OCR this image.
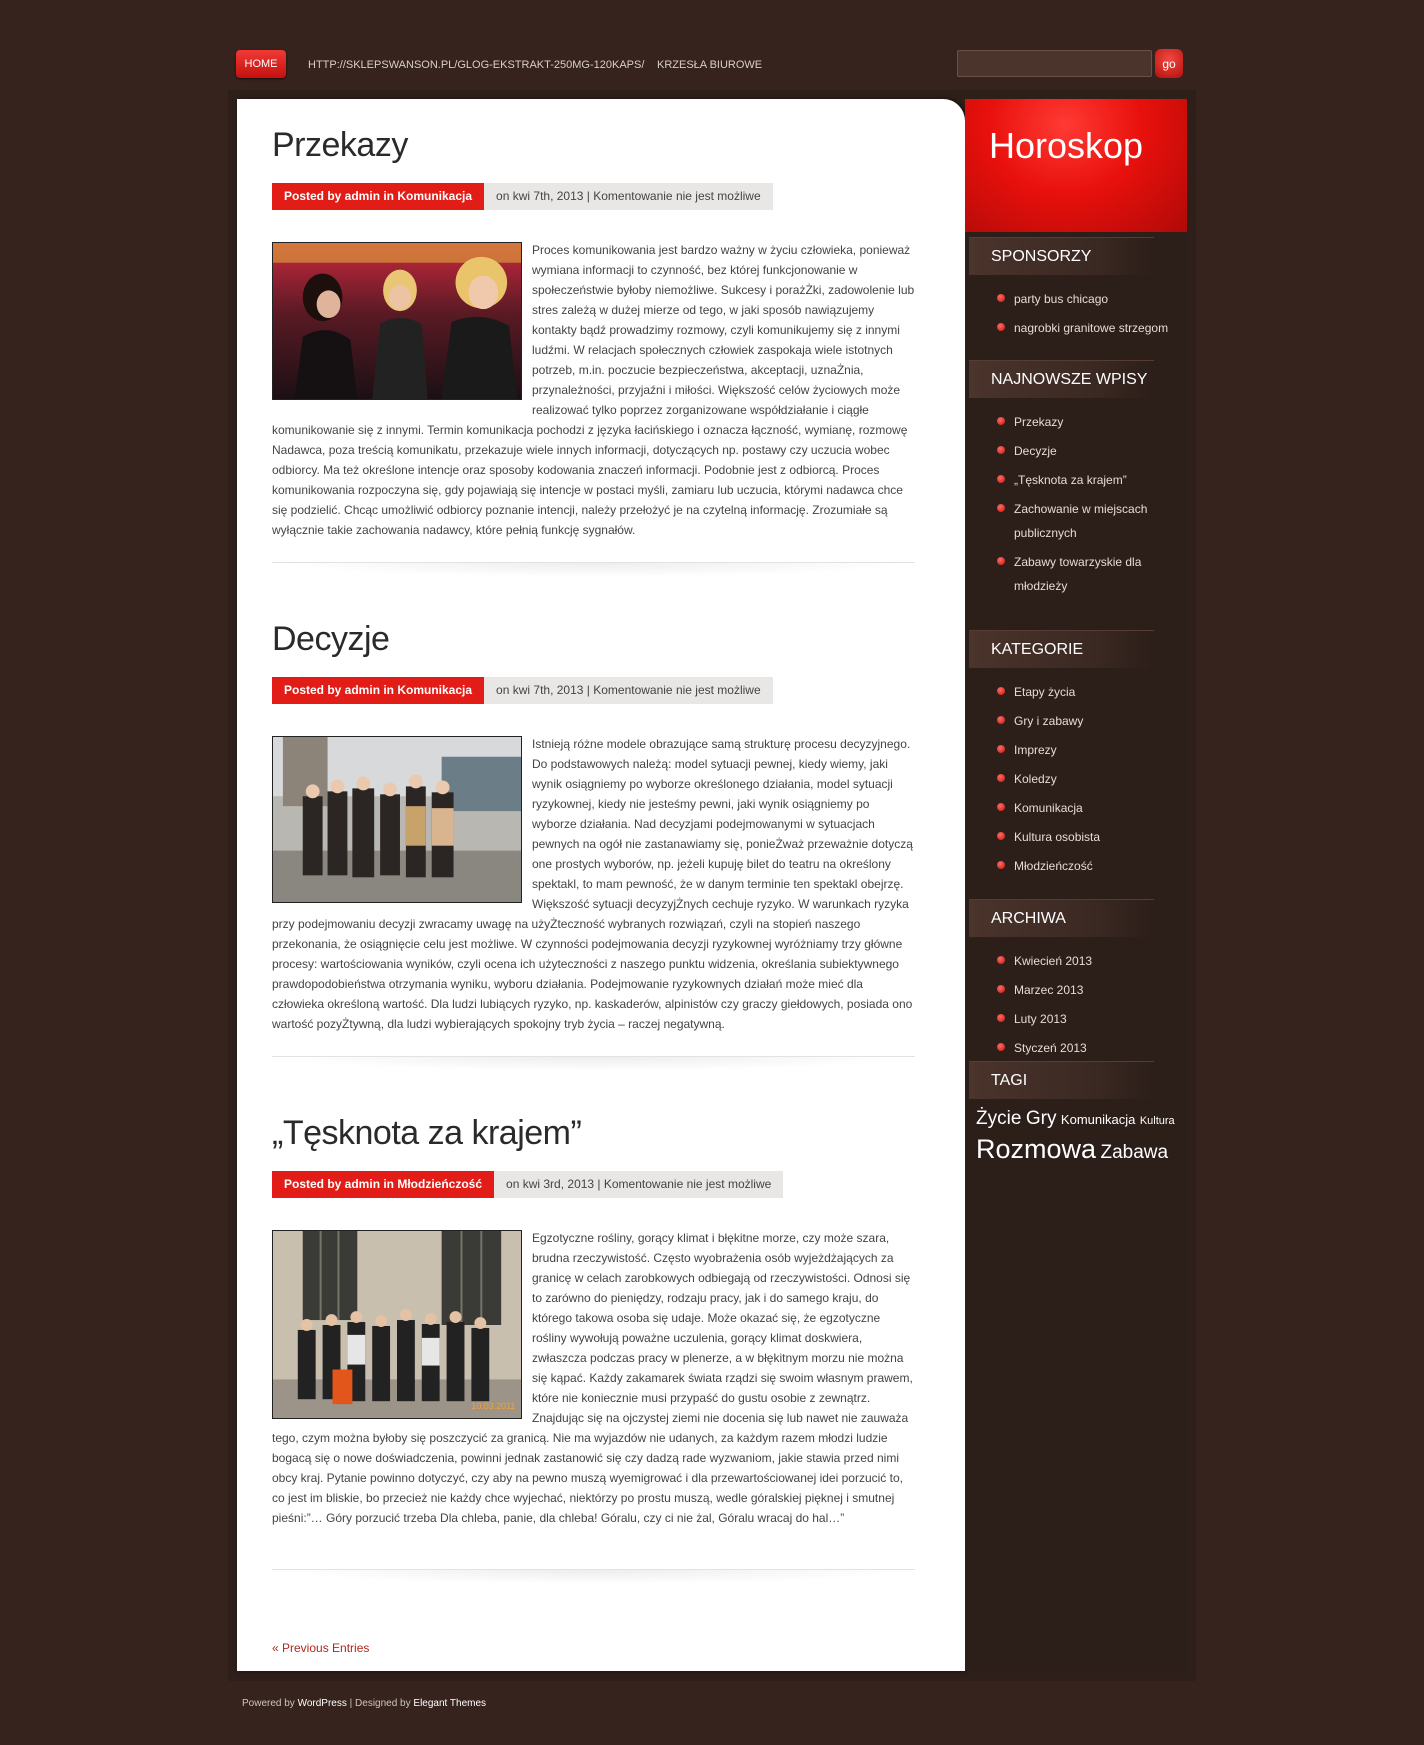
HOME	HTTP://SKLEPSWANSON.PL/GLOG-EKSTRAKT-250MG-120KAPS/ KRZESŁA BIUROWE	go
Przekazy
Posted by admin in Komunikacja on kwi 7th, 2013 | Komentowanie nie jest możliwe

Proces komunikowania jest bardzo ważny w życiu człowieka, ponieważ wymiana informacji to czynność, bez której funkcjonowanie w społeczeństwie byłoby niemożliwe. Sukcesy i porażŻki, zadowolenie lub stres zależą w dużej mierze od tego, w jaki sposób nawiązujemy kontakty bądź prowadzimy rozmowy, czyli komunikujemy się z innymi ludźmi. W relacjach społecznych człowiek zaspokaja wiele istotnych potrzeb, m.in. poczucie bezpieczeństwa, akceptacji, uznaŻnia, przynależności, przyjaźni i miłości. Większość celów życiowych może realizować tylko poprzez zorganizowane współdziałanie i ciągłe komunikowanie się z innymi. Termin komunikacja pochodzi z języka łacińskiego i oznacza łączność, wymianę, rozmowę Nadawca, poza treścią komunikatu, przekazuje wiele innych informacji, dotyczących np. postawy czy uczucia wobec odbiorcy. Ma też określone intencje oraz sposoby kodowania znaczeń informacji. Podobnie jest z odbiorcą. Proces komunikowania rozpoczyna się, gdy pojawiają się intencje w postaci myśli, zamiaru lub uczucia, którymi nadawca chce się podzielić. Chcąc umożliwić odbiorcy poznanie intencji, należy przełożyć je na czytelną informację. Zrozumiałe są wyłącznie takie zachowania nadawcy, które pełnią funkcję sygnałów.

Decyzje
Posted by admin in Komunikacja on kwi 7th, 2013 | Komentowanie nie jest możliwe

Istnieją różne modele obrazujące samą strukturę procesu decyzyjnego. Do podstawowych należą: model sytuacji pewnej, kiedy wiemy, jaki wynik osiągniemy po wyborze określonego działania, model sytuacji ryzykownej, kiedy nie jesteśmy pewni, jaki wynik osiągniemy po wyborze działania. Nad decyzjami podejmowanymi w sytuacjach pewnych na ogół nie zastanawiamy się, ponieŻważ przeważnie dotyczą one prostych wyborów, np. jeżeli kupuję bilet do teatru na określony spektakl, to mam pewność, że w danym terminie ten spektakl obejrzę. Większość sytuacji decyzyjŻnych cechuje ryzyko. W warunkach ryzyka przy podejmowaniu decyzji zwracamy uwagę na użyŻteczność wybranych rozwiązań, czyli na stopień naszego przekonania, że osiągnięcie celu jest możliwe. W czynności podejmowania decyzji ryzykownej wyróżniamy trzy główne procesy: wartościowania wyników, czyli ocena ich użyteczności z naszego punktu widzenia, określania subiektywnego prawdopodobieństwa otrzymania wyniku, wyboru działania. Podejmowanie ryzykownych działań może mieć dla człowieka określoną wartość. Dla ludzi lubiących ryzyko, np. kaskaderów, alpinistów czy graczy giełdowych, posiada ono wartość pozyŻtywną, dla ludzi wybierających spokojny tryb życia – raczej negatywną.

„Tęsknota za krajem”
Posted by admin in Młodzieńczość on kwi 3rd, 2013 | Komentowanie nie jest możliwe
10.03.2011

Egzotyczne rośliny, gorący klimat i błękitne morze, czy może szara, brudna rzeczywistość. Często wyobrażenia osób wyjeżdżających za granicę w celach zarobkowych odbiegają od rzeczywistości. Odnosi się to zarówno do pieniędzy, rodzaju pracy, jak i do samego kraju, do którego takowa osoba się udaje. Może okazać się, że egzotyczne rośliny wywołują poważne uczulenia, gorący klimat doskwiera, zwłaszcza podczas pracy w plenerze, a w błękitnym morzu nie można się kąpać. Każdy zakamarek świata rządzi się swoim własnym prawem, które nie koniecznie musi przypaść do gustu osobie z zewnątrz. Znajdując się na ojczystej ziemi nie docenia się lub nawet nie zauważa tego, czym można byłoby się poszczycić za granicą. Nie ma wyjazdów nie udanych, za każdym razem młodzi ludzie bogacą się o nowe doświadczenia, powinni jednak zastanowić się czy dadzą rade wyzwaniom, jakie stawia przed nimi obcy kraj. Pytanie powinno dotyczyć, czy aby na pewno muszą wyemigrować i dla przewartościowanej idei porzucić to, co jest im bliskie, bo przecież nie każdy chce wyjechać, niektórzy po prostu muszą, wedle góralskiej pięknej i smutnej pieśni:”… Góry porzucić trzeba Dla chleba, panie, dla chleba! Góralu, czy ci nie żal, Góralu wracaj do hal…”

« Previous Entries
Horoskop
SPONSORZY
party bus chicago
nagrobki granitowe strzegom
NAJNOWSZE WPISY
Przekazy
Decyzje
„Tęsknota za krajem”
Zachowanie w miejscach publicznych
Zabawy towarzyskie dla młodzieży
KATEGORIE
Etapy życia
Gry i zabawy
Imprezy
Koledzy
Komunikacja
Kultura osobista
Młodzieńczość
ARCHIWA
Kwiecień 2013
Marzec 2013
Luty 2013
Styczeń 2013
TAGI
Życie Gry Komunikacja Kultura Rozmowa Zabawa
Powered by WordPress | Designed by Elegant Themes
